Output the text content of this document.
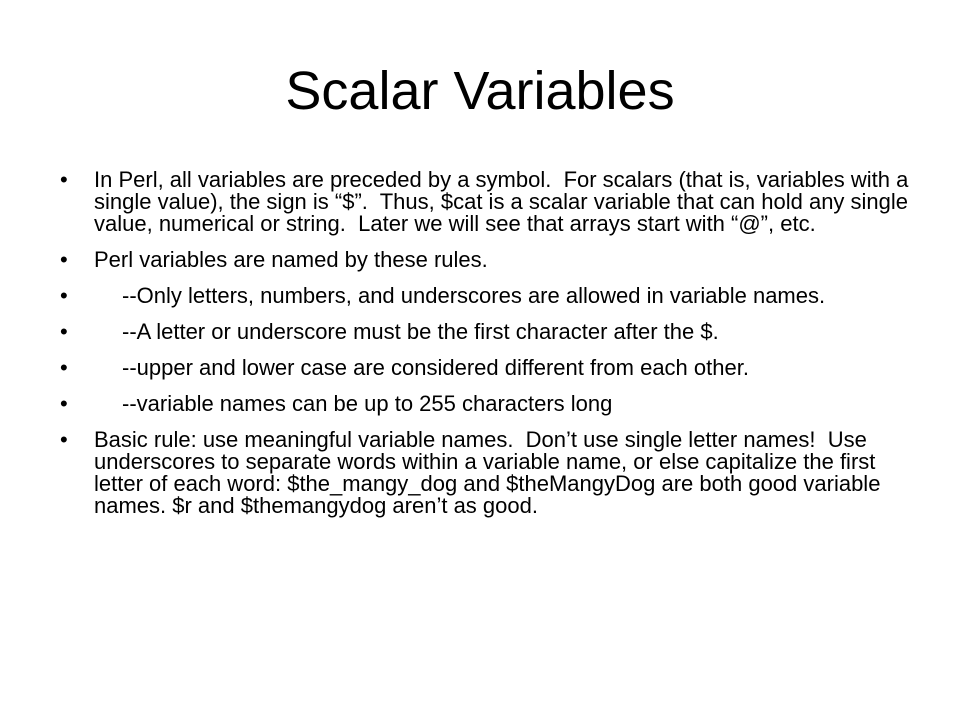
Scalar Variables
•	In Perl, all variables are preceded by a symbol.  For scalars (that is, variables with a single value), the sign is “$”.  Thus, $cat is a scalar variable that can hold any single value, numerical or string.  Later we will see that arrays start with “@”, etc.
•	Perl variables are named by these rules.
•	--Only letters, numbers, and underscores are allowed in variable names.
•	--A letter or underscore must be the first character after the $.
•	--upper and lower case are considered different from each other.
•	--variable names can be up to 255 characters long
•	Basic rule: use meaningful variable names.  Don’t use single letter names!  Use underscores to separate words within a variable name, or else capitalize the first letter of each word: $the_mangy_dog and $theMangyDog are both good variable names. $r and $themangydog aren’t as good.
